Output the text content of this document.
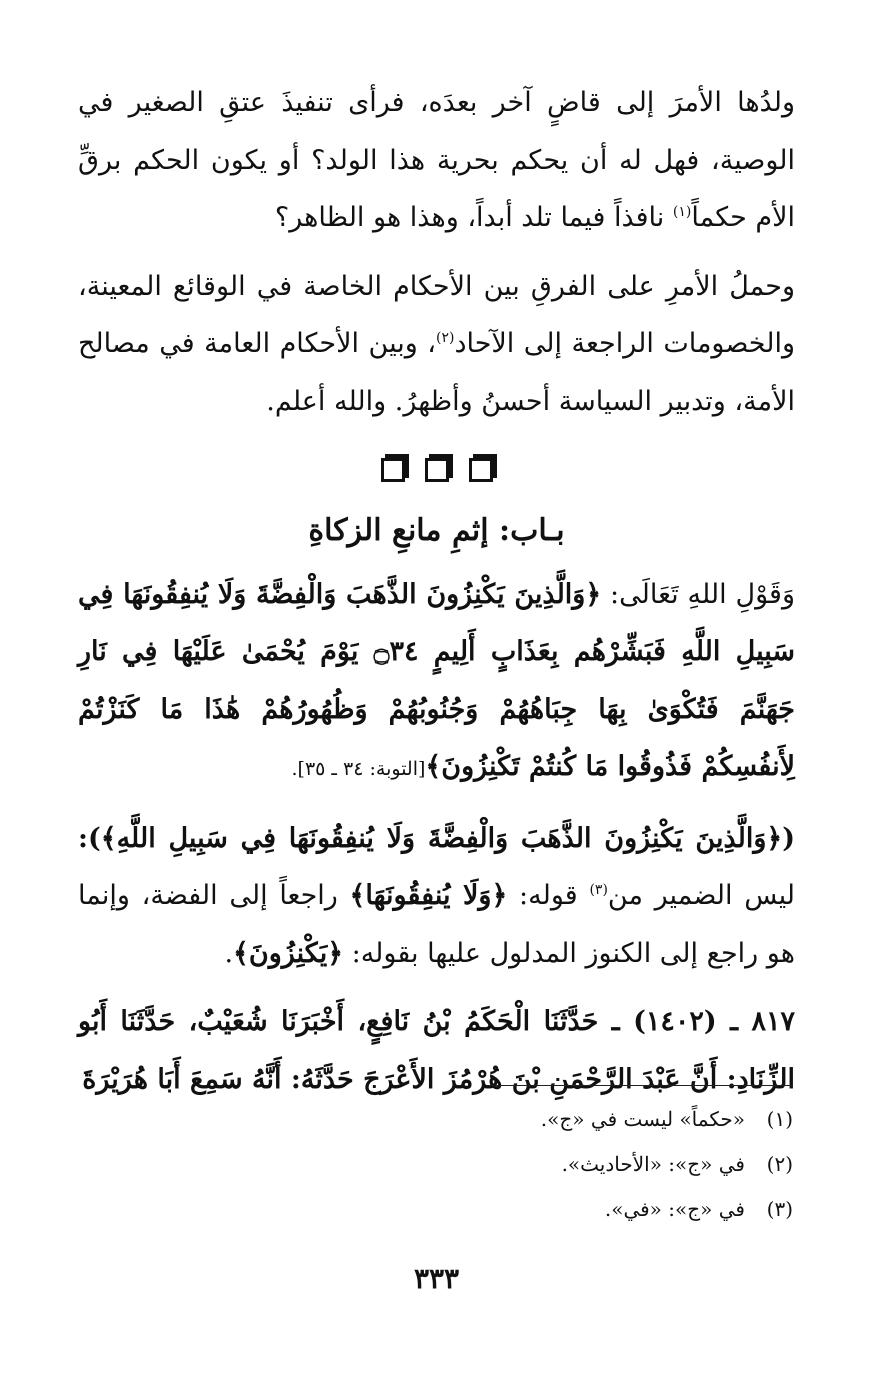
ولدُها الأمرَ إلى قاضٍ آخر بعدَه، فرأى تنفيذَ عتقِ الصغير في الوصية، فهل له أن يحكم بحرية هذا الولد؟ أو يكون الحكم برقِّ الأم حكماً$^{(١)}$ نافذاً فيما تلد أبداً، وهذا هو الظاهر؟

وحملُ الأمرِ على الفرقِ بين الأحكام الخاصة في الوقائع المعينة، والخصومات الراجعة إلى الآحاد$^{(٢)}$، وبين الأحكام العامة في مصالح الأمة، وتدبير السياسة أحسنُ وأظهرُ. والله أعلم.

بـاب: إثمِ مانعِ الزكاةِ

وَقَوْلِ اللهِ تَعَالَى: ﴿وَالَّذِينَ يَكْنِزُونَ الذَّهَبَ وَالْفِضَّةَ وَلَا يُنفِقُونَهَا فِي سَبِيلِ اللَّهِ فَبَشِّرْهُم بِعَذَابٍ أَلِيمٍ ۝٣٤ يَوْمَ يُحْمَىٰ عَلَيْهَا فِي نَارِ جَهَنَّمَ فَتُكْوَىٰ بِهَا جِبَاهُهُمْ وَجُنُوبُهُمْ وَظُهُورُهُمْ هَٰذَا مَا كَنَزْتُمْ لِأَنفُسِكُمْ فَذُوقُوا مَا كُنتُمْ تَكْنِزُونَ﴾[التوبة: ٣٤ ـ ٣٥].

(﴿وَالَّذِينَ يَكْنِزُونَ الذَّهَبَ وَالْفِضَّةَ وَلَا يُنفِقُونَهَا فِي سَبِيلِ اللَّهِ﴾): ليس الضمير من$^{(٣)}$ قوله: ﴿وَلَا يُنفِقُونَهَا﴾ راجعاً إلى الفضة، وإنما هو راجع إلى الكنوز المدلول عليها بقوله: ﴿يَكْنِزُونَ﴾.

٨١٧ ـ (١٤٠٢) ـ حَدَّثَنَا الْحَكَمُ بْنُ نَافِعٍ، أَخْبَرَنَا شُعَيْبٌ، حَدَّثَنَا أَبُو الزِّنَادِ: أَنَّ عَبْدَ الرَّحْمَنِ بْنَ هُرْمُزَ الأَعْرَجَ حَدَّثَهُ: أَنَّهُ سَمِعَ أَبَا هُرَيْرَةَ

(١)«حكماً» ليست في «ج».

(٢)في «ج»: «الأحاديث».

(٣)في «ج»: «في».

٣٣٣
